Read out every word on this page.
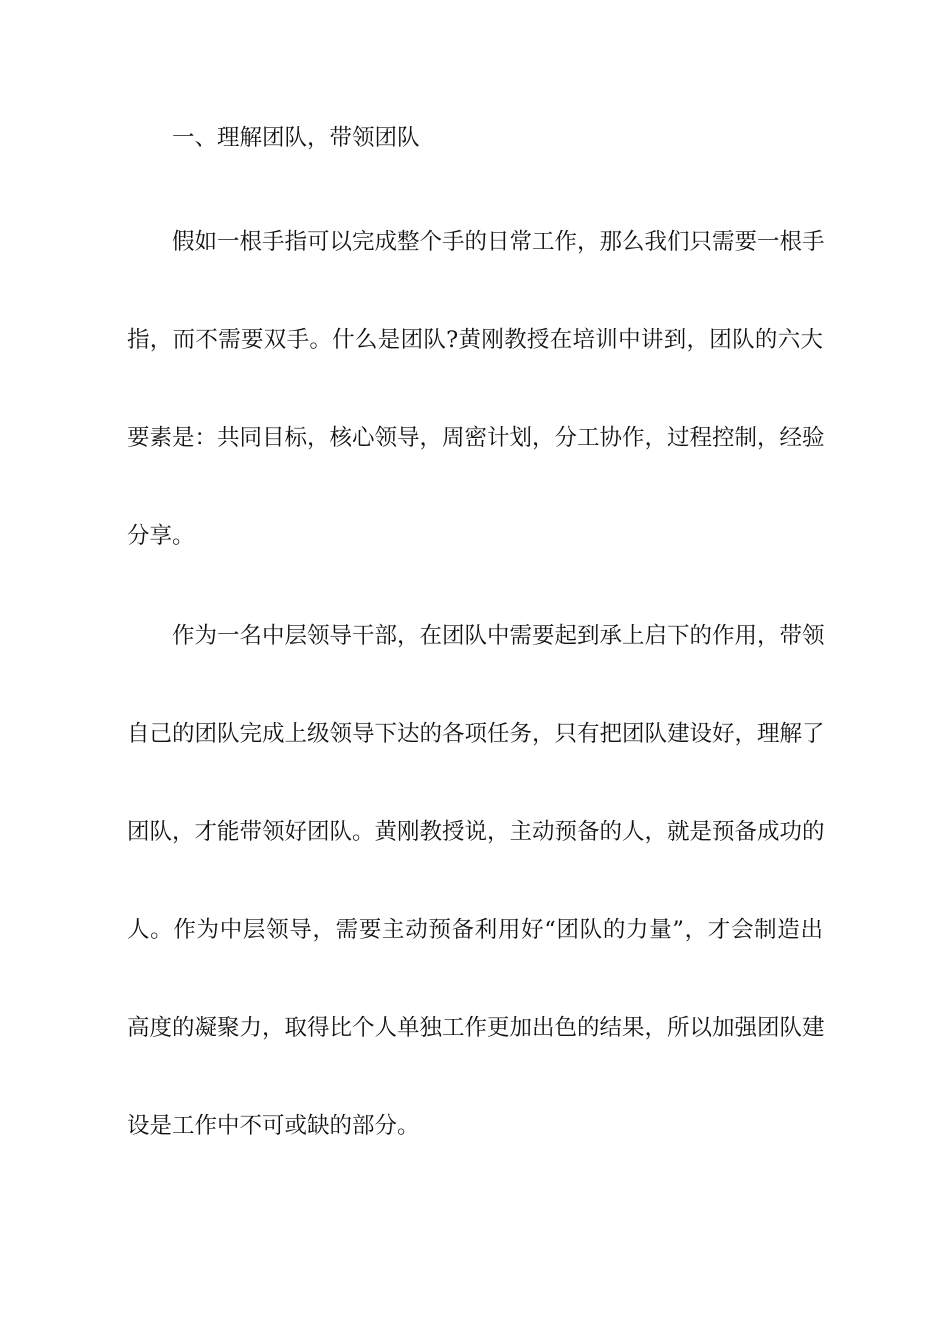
一、理解团队，带领团队
假如一根手指可以完成整个手的日常工作，那么我们只需要一根手
指，而不需要双手。什么是团队?黄刚教授在培训中讲到，团队的六大
要素是：共同目标，核心领导，周密计划，分工协作，过程控制，经验
分享。
作为一名中层领导干部，在团队中需要起到承上启下的作用，带领
自己的团队完成上级领导下达的各项任务，只有把团队建设好，理解了
团队，才能带领好团队。黄刚教授说，主动预备的人，就是预备成功的
人。作为中层领导，需要主动预备利用好“团队的力量”，才会制造出
高度的凝聚力，取得比个人单独工作更加出色的结果，所以加强团队建
设是工作中不可或缺的部分。
